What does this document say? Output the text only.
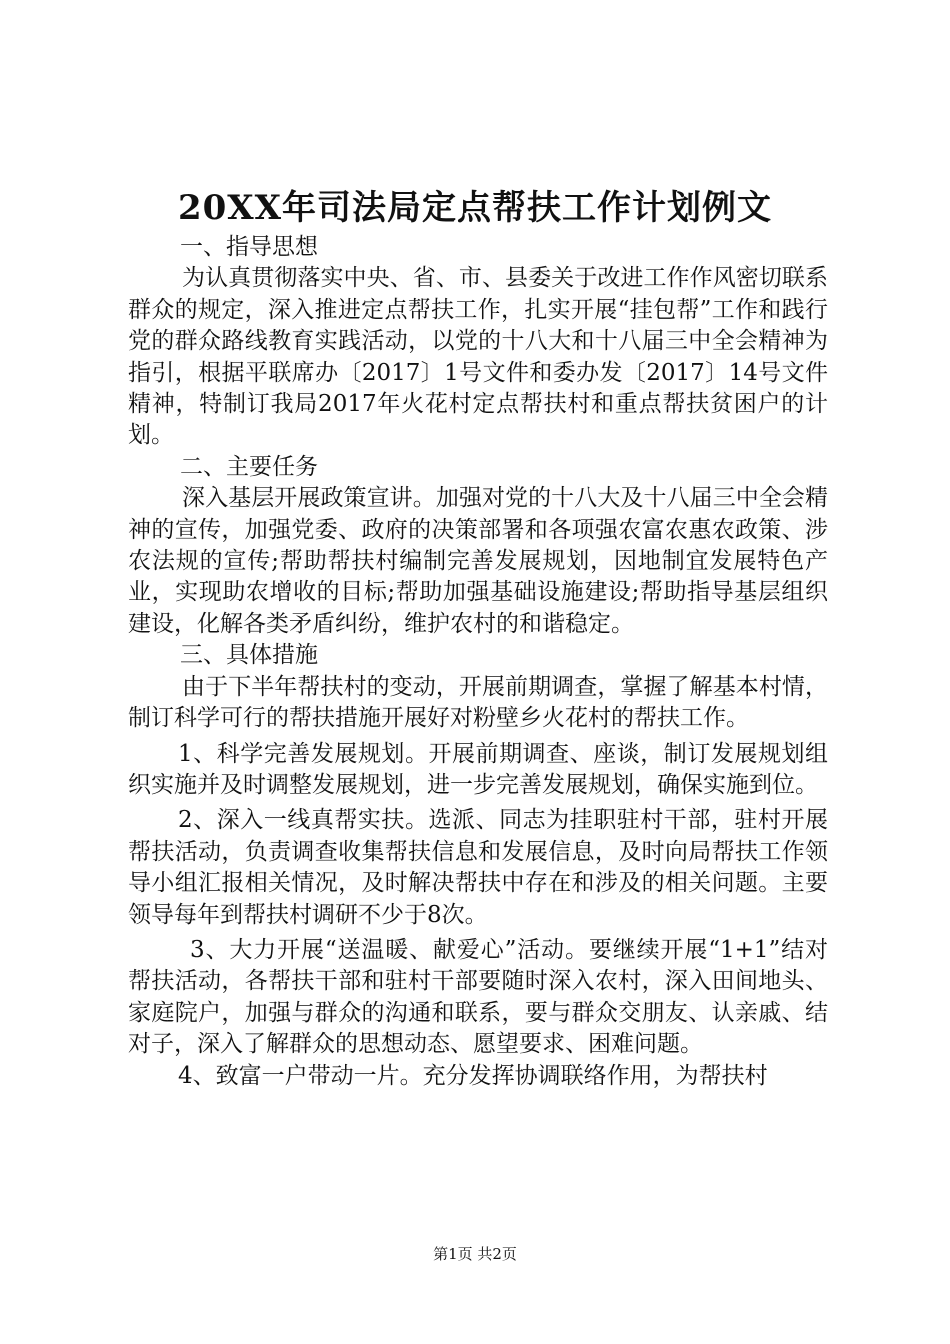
20XX年司法局定点帮扶工作计划例文

一、指导思想

为认真贯彻落实中央、省、市、县委关于改进工作作风密切联系群众的规定，深入推进定点帮扶工作，扎实开展“挂包帮”工作和践行党的群众路线教育实践活动，以党的十八大和十八届三中全会精神为指引，根据平联席办〔2017〕1号文件和委办发〔2017〕14号文件精神，特制订我局2017年火花村定点帮扶村和重点帮扶贫困户的计划。

二、主要任务

深入基层开展政策宣讲。加强对党的十八大及十八届三中全会精神的宣传，加强党委、政府的决策部署和各项强农富农惠农政策、涉农法规的宣传;帮助帮扶村编制完善发展规划，因地制宜发展特色产业，实现助农增收的目标;帮助加强基础设施建设;帮助指导基层组织建设，化解各类矛盾纠纷，维护农村的和谐稳定。

三、具体措施

由于下半年帮扶村的变动，开展前期调查，掌握了解基本村情，制订科学可行的帮扶措施开展好对粉壁乡火花村的帮扶工作。

1、科学完善发展规划。开展前期调查、座谈，制订发展规划组织实施并及时调整发展规划，进一步完善发展规划，确保实施到位。

2、深入一线真帮实扶。选派、同志为挂职驻村干部，驻村开展帮扶活动，负责调查收集帮扶信息和发展信息，及时向局帮扶工作领导小组汇报相关情况，及时解决帮扶中存在和涉及的相关问题。主要领导每年到帮扶村调研不少于8次。

3、大力开展“送温暖、献爱心”活动。要继续开展“1+1”结对帮扶活动，各帮扶干部和驻村干部要随时深入农村，深入田间地头、家庭院户，加强与群众的沟通和联系，要与群众交朋友、认亲戚、结对子，深入了解群众的思想动态、愿望要求、困难问题。

4、致富一户带动一片。充分发挥协调联络作用，为帮扶村

第1页 共2页
